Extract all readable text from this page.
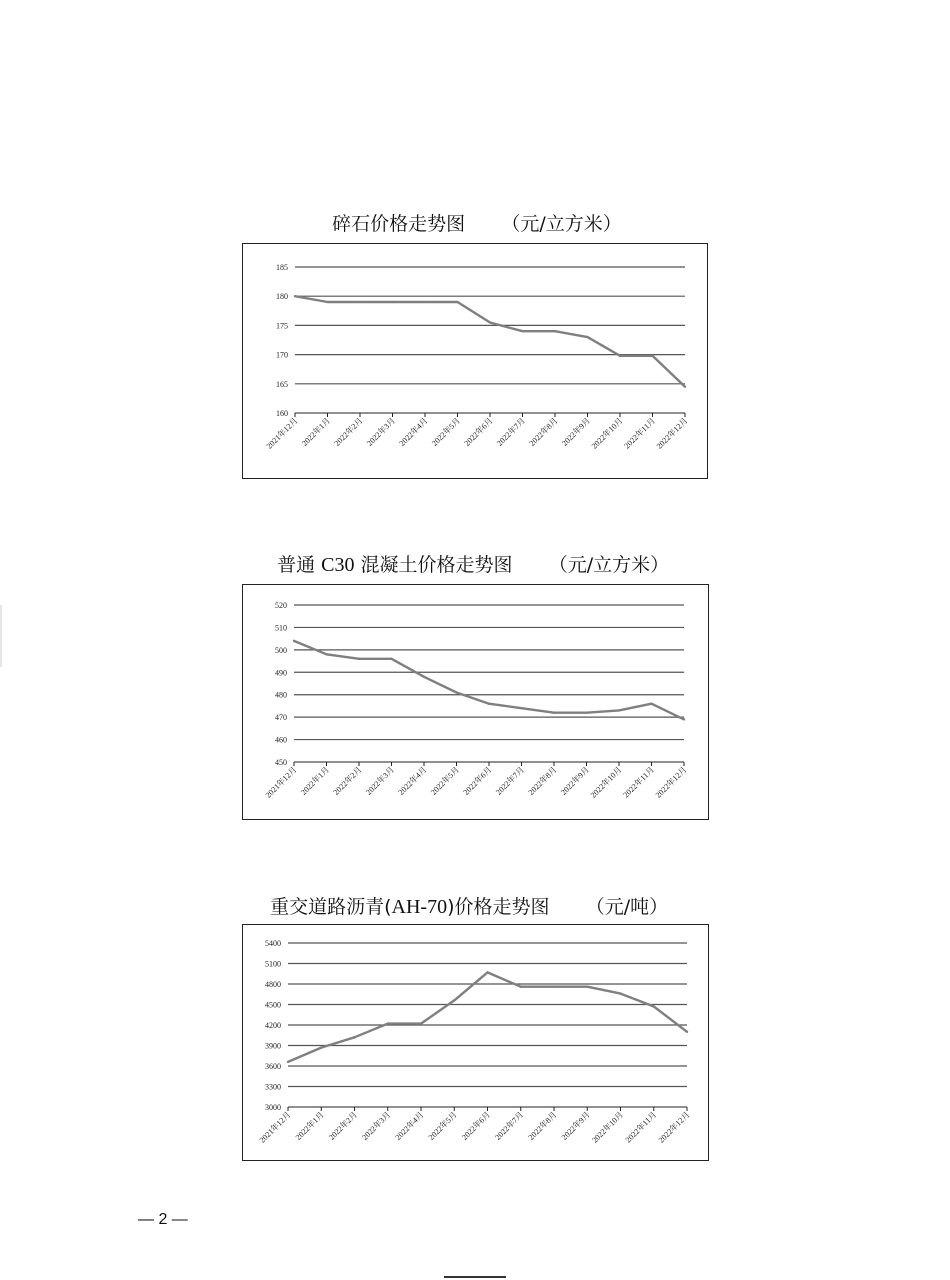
碎石价格走势图 （元/立方米）

160
165
170
175
180
185
2021年12月 2022年1月 2022年2月 2022年3月 2022年4月 2022年5月 2022年6月 2022年7月 2022年8月 2022年9月
2022年10月
2022年11月
2022年12月

普通 C30 混凝土价格走势图 （元/立方米）

450
460
470
480
490
500
510
520
2021年12月 2022年1月 2022年2月 2022年3月 2022年4月 2022年5月 2022年6月 2022年7月 2022年8月 2022年9月
2022年10月
2022年11月
2022年12月

重交道路沥青(AH-70)价格走势图 （元/吨）

3000
3300
3600
3900
4200
4500
4800
5100
5400
2021年12月 2022年1月 2022年2月 2022年3月 2022年4月 2022年5月 2022年6月 2022年7月 2022年8月 2022年9月
2022年10月
2022年11月
2022年12月
— 2 —
